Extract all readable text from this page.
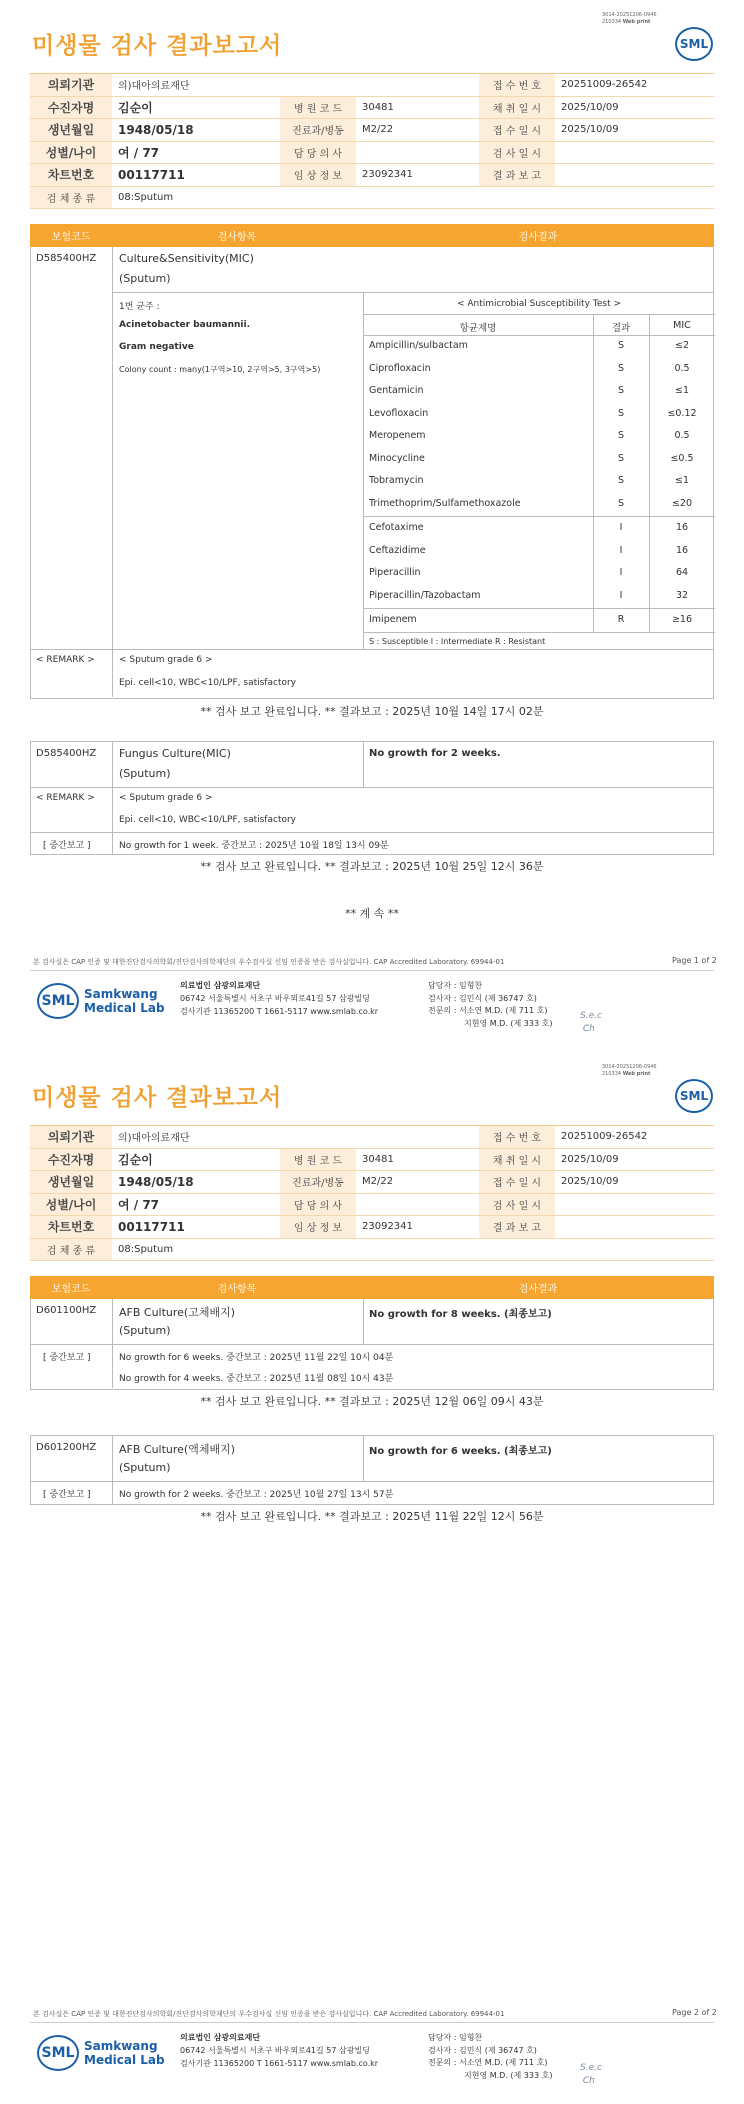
3014-20251206-0946
210334 Web print
미생물 검사 결과보고서	SML
의뢰기관	의)대아의료재단	접 수 번 호	20251009-26542
수진자명	김순이	병 원 코 드	30481	채 취 일 시	2025/10/09
생년월일	1948/05/18	진료과/병동	M2/22	접 수 일 시	2025/10/09
성별/나이	여 / 77	담 당 의 사	검 사 일 시
차트번호	00117711	임 상 정 보	23092341	결 과 보 고
검 체 종 류	08:Sputum
보험코드	검사항목	검사결과
D585400HZ Culture&Sensitivity(MIC)
(Sputum)
1번 균주 :
Acinetobacter baumannii.
Gram negative
Colony count : many(1구역>10, 2구역>5, 3구역>5)
< Antimicrobial Susceptibility Test >
항균제명	결과	MIC
Ampicillin/sulbactam	S	≤2
Ciprofloxacin	S	0.5
Gentamicin	S	≤1
Levofloxacin	S	≤0.12
Meropenem	S	0.5
Minocycline	S	≤0.5
Tobramycin	S	≤1
Trimethoprim/Sulfamethoxazole	S	≤20
Cefotaxime	I	16
Ceftazidime	I	16
Piperacillin	I	64
Piperacillin/Tazobactam	I	32
Imipenem	R	≥16
S : Susceptible I : Intermediate R : Resistant
< REMARK >	< Sputum grade 6 >
Epi. cell<10, WBC<10/LPF, satisfactory
** 검사 보고 완료입니다. ** 결과보고 : 2025년 10월 14일 17시 02분
D585400HZ Fungus Culture(MIC)
(Sputum)
No growth for 2 weeks.
< REMARK >	< Sputum grade 6 >
Epi. cell<10, WBC<10/LPF, satisfactory
[ 중간보고 ]	No growth for 1 week. 중간보고 : 2025년 10월 18일 13시 09분
** 검사 보고 완료입니다. ** 결과보고 : 2025년 10월 25일 12시 36분
** 계 속 **
본 검사실은 CAP 인증 및 대한진단검사의학회/진단검사의학재단의 우수검사실 신임 인증을 받은 검사실입니다. CAP Accredited Laboratory. 69944-01	Page 1 of 2
SML Samkwang
Medical Lab
의료법인 삼광의료재단
06742 서울특별시 서초구 바우뫼로41길 57 삼광빌딩
검사기관 11365200 T 1661-5117 www.smlab.co.kr
담당자 : 임형찬
검사자 : 김민식 (제 36747 호)
전문의 : 서소연 M.D. (제 711 호)
지현영 M.D. (제 333 호)
S.e.c
Ch
3014-20251206-0946
210334 Web print
미생물 검사 결과보고서	SML
의뢰기관	의)대아의료재단	접 수 번 호	20251009-26542
수진자명	김순이	병 원 코 드	30481	채 취 일 시	2025/10/09
생년월일	1948/05/18	진료과/병동	M2/22	접 수 일 시	2025/10/09
성별/나이	여 / 77	담 당 의 사	검 사 일 시
차트번호	00117711	임 상 정 보	23092341	결 과 보 고
검 체 종 류	08:Sputum
보험코드	검사항목	검사결과
D601100HZ AFB Culture(고체배지)
(Sputum)
No growth for 8 weeks. (최종보고)
[ 중간보고 ]	No growth for 6 weeks. 중간보고 : 2025년 11월 22일 10시 04분
No growth for 4 weeks. 중간보고 : 2025년 11월 08일 10시 43분
** 검사 보고 완료입니다. ** 결과보고 : 2025년 12월 06일 09시 43분
D601200HZ AFB Culture(액체배지)
(Sputum)
No growth for 6 weeks. (최종보고)
[ 중간보고 ]	No growth for 2 weeks. 중간보고 : 2025년 10월 27일 13시 57분
** 검사 보고 완료입니다. ** 결과보고 : 2025년 11월 22일 12시 56분
본 검사실은 CAP 인증 및 대한진단검사의학회/진단검사의학재단의 우수검사실 신임 인증을 받은 검사실입니다. CAP Accredited Laboratory. 69944-01	Page 2 of 2
SML Samkwang
Medical Lab
의료법인 삼광의료재단
06742 서울특별시 서초구 바우뫼로41길 57 삼광빌딩
검사기관 11365200 T 1661-5117 www.smlab.co.kr
담당자 : 임형찬
검사자 : 김민식 (제 36747 호)
전문의 : 서소연 M.D. (제 711 호)
지현영 M.D. (제 333 호)
S.e.c
Ch
